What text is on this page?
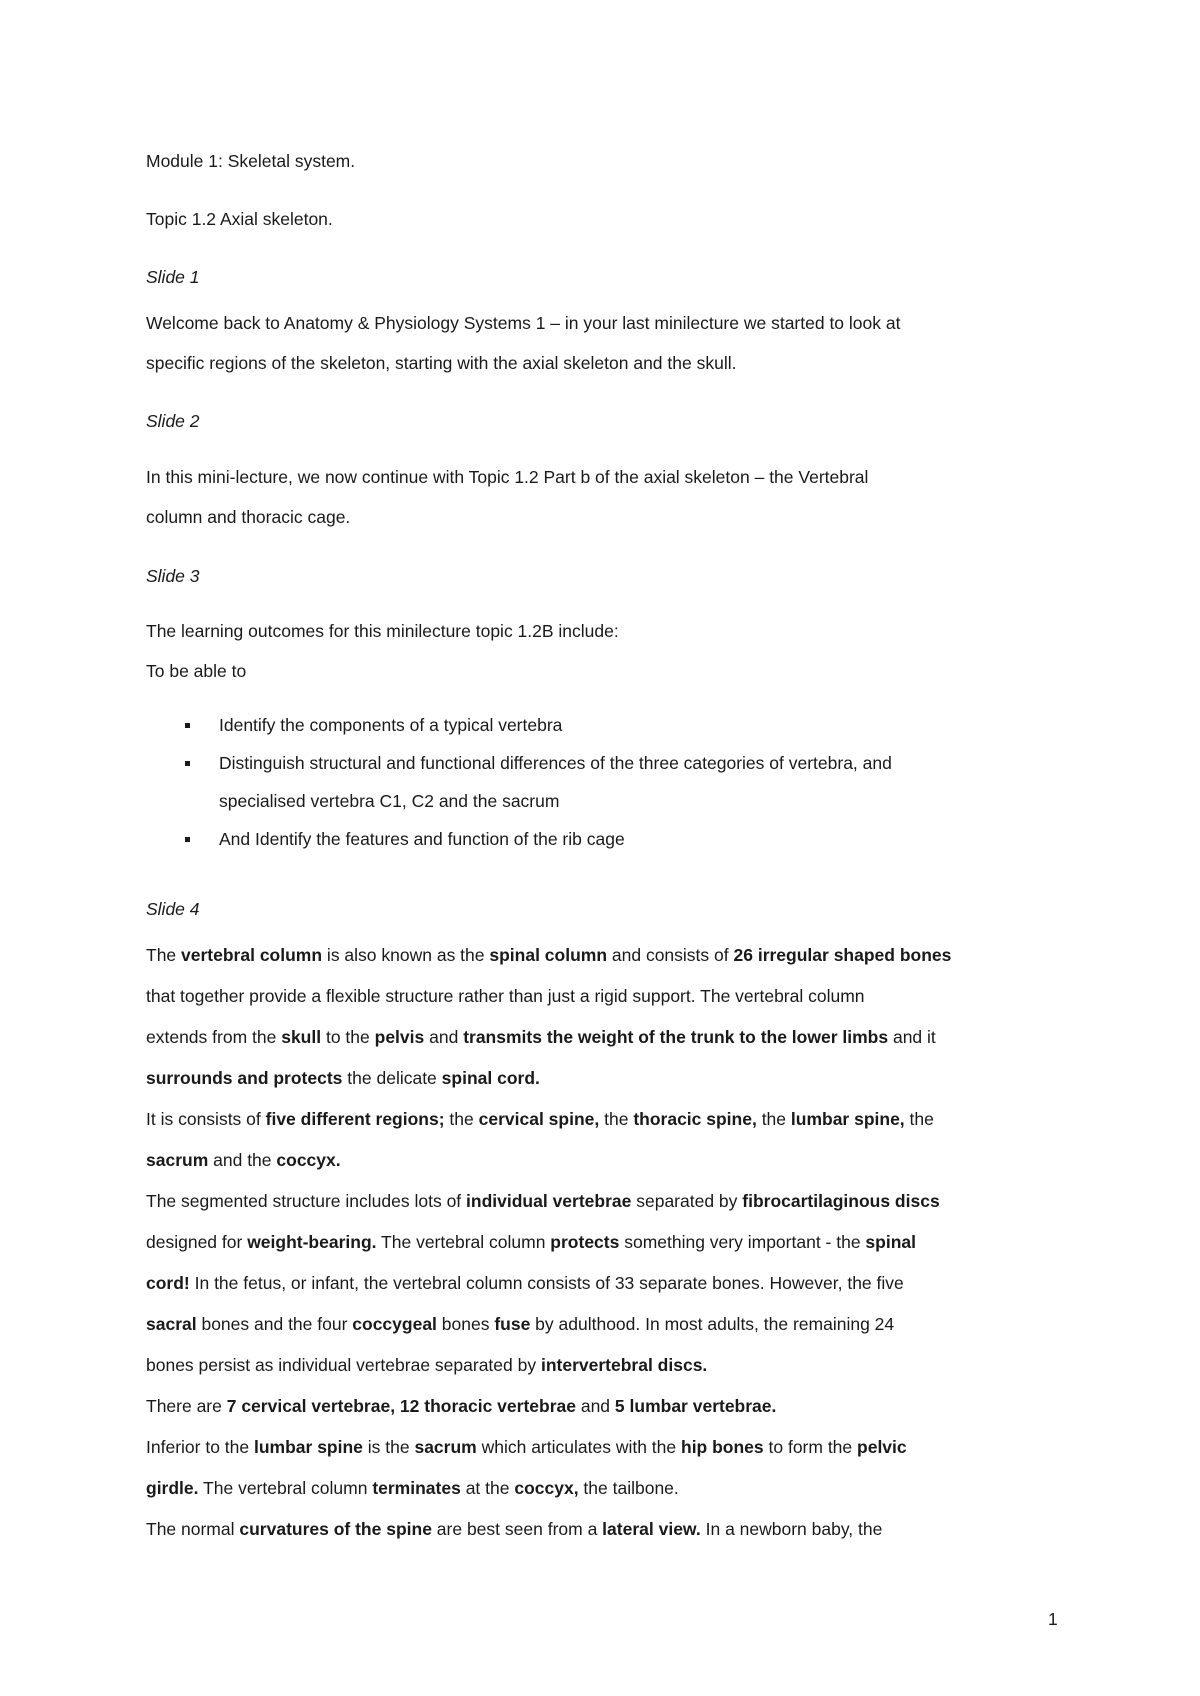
Module 1: Skeletal system.
Topic 1.2 Axial skeleton.
Slide 1
Welcome back to Anatomy & Physiology Systems 1 – in your last minilecture we started to look at
specific regions of the skeleton, starting with the axial skeleton and the skull.
Slide 2
In this mini-lecture, we now continue with Topic 1.2 Part b of the axial skeleton – the Vertebral
column and thoracic cage.
Slide 3
The learning outcomes for this minilecture topic 1.2B include:
To be able to
Identify the components of a typical vertebra
Distinguish structural and functional differences of the three categories of vertebra, and
specialised vertebra C1, C2 and the sacrum
And Identify the features and function of the rib cage
Slide 4
The vertebral column is also known as the spinal column and consists of 26 irregular shaped bones
that together provide a flexible structure rather than just a rigid support. The vertebral column
extends from the skull to the pelvis and transmits the weight of the trunk to the lower limbs and it
surrounds and protects the delicate spinal cord.
It is consists of five different regions; the cervical spine, the thoracic spine, the lumbar spine, the
sacrum and the coccyx.
The segmented structure includes lots of individual vertebrae separated by fibrocartilaginous discs
designed for weight-bearing. The vertebral column protects something very important - the spinal
cord! In the fetus, or infant, the vertebral column consists of 33 separate bones. However, the five
sacral bones and the four coccygeal bones fuse by adulthood. In most adults, the remaining 24
bones persist as individual vertebrae separated by intervertebral discs.
There are 7 cervical vertebrae, 12 thoracic vertebrae and 5 lumbar vertebrae.
Inferior to the lumbar spine is the sacrum which articulates with the hip bones to form the pelvic
girdle. The vertebral column terminates at the coccyx, the tailbone.
The normal curvatures of the spine are best seen from a lateral view. In a newborn baby, the
1
